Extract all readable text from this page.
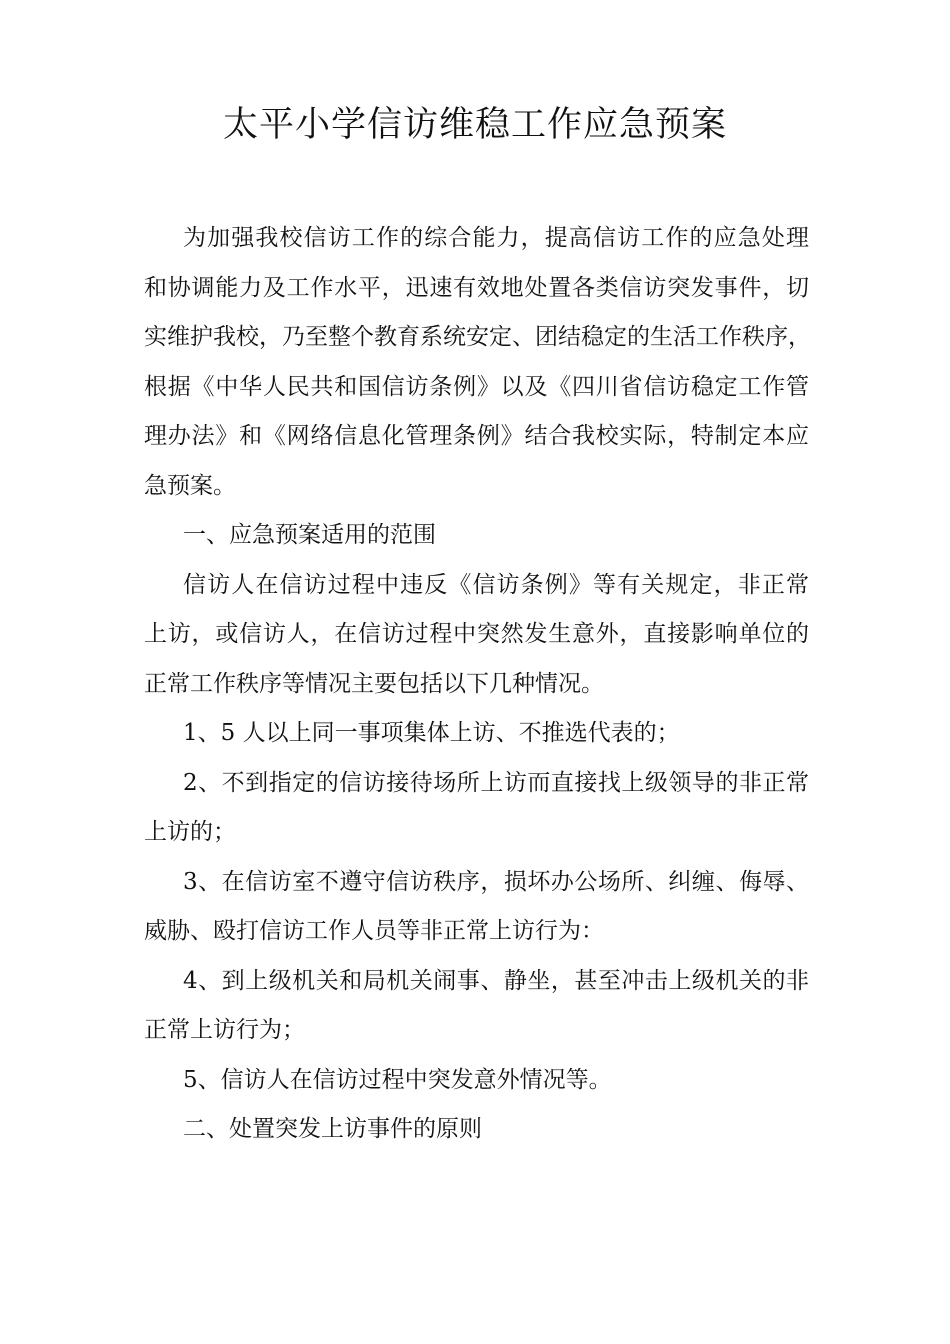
太平小学信访维稳工作应急预案

为加强我校信访工作的综合能力，提高信访工作的应急处理
和协调能力及工作水平，迅速有效地处置各类信访突发事件，切
实维护我校，乃至整个教育系统安定、团结稳定的生活工作秩序，
根据《中华人民共和国信访条例》以及《四川省信访稳定工作管
理办法》和《网络信息化管理条例》结合我校实际，特制定本应
急预案。

一、应急预案适用的范围

信访人在信访过程中违反《信访条例》等有关规定，非正常
上访，或信访人，在信访过程中突然发生意外，直接影响单位的
正常工作秩序等情况主要包括以下几种情况。

1、5 人以上同一事项集体上访、不推选代表的；

2、不到指定的信访接待场所上访而直接找上级领导的非正常
上访的；

3、在信访室不遵守信访秩序，损坏办公场所、纠缠、侮辱、
威胁、殴打信访工作人员等非正常上访行为：

4、到上级机关和局机关闹事、静坐，甚至冲击上级机关的非
正常上访行为；

5、信访人在信访过程中突发意外情况等。

二、处置突发上访事件的原则
